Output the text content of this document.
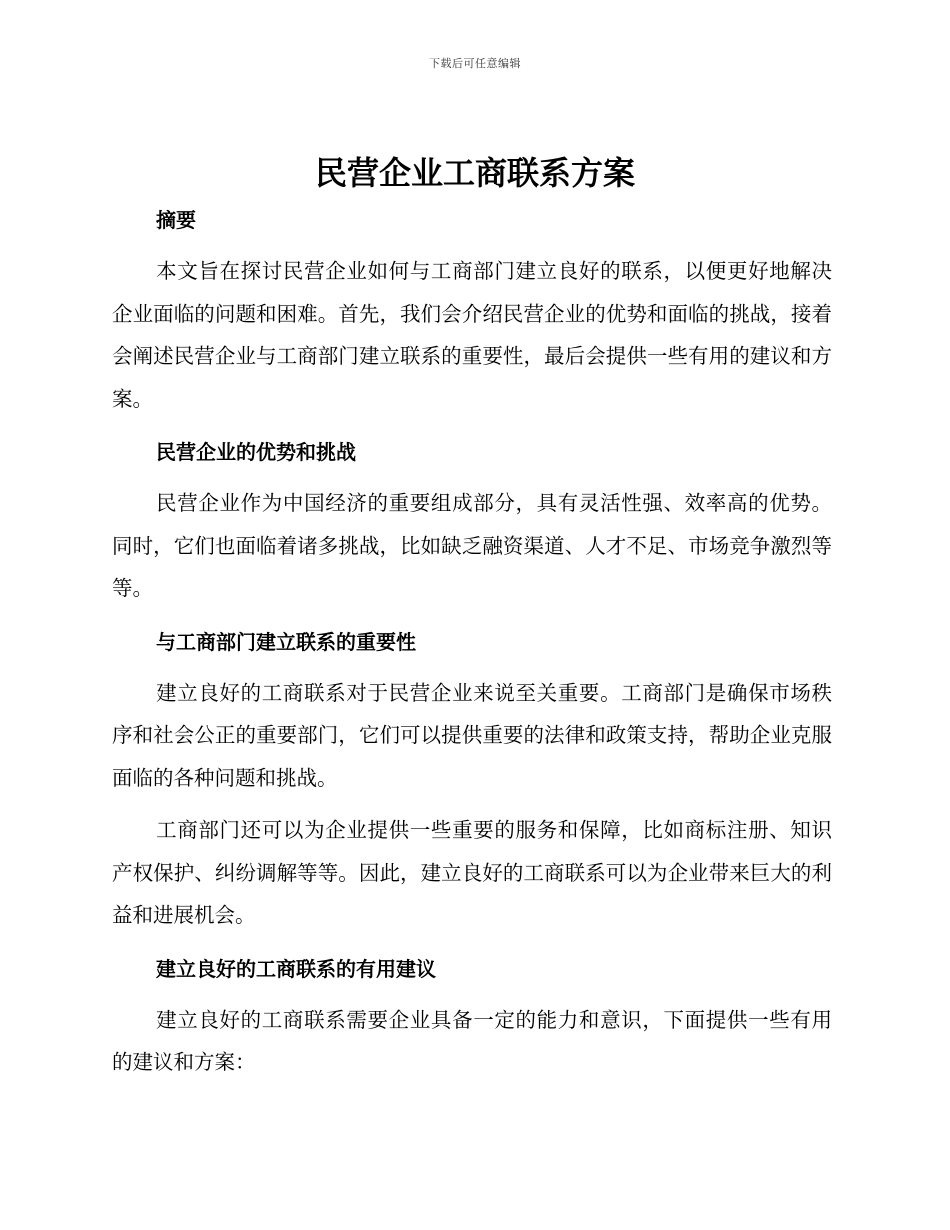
下载后可任意编辑
民营企业工商联系方案
摘要

本文旨在探讨民营企业如何与工商部门建立良好的联系，以便更好地解决企业面临的问题和困难。首先，我们会介绍民营企业的优势和面临的挑战，接着会阐述民营企业与工商部门建立联系的重要性，最后会提供一些有用的建议和方案。

民营企业的优势和挑战

民营企业作为中国经济的重要组成部分，具有灵活性强、效率高的优势。同时，它们也面临着诸多挑战，比如缺乏融资渠道、人才不足、市场竞争激烈等等。

与工商部门建立联系的重要性

建立良好的工商联系对于民营企业来说至关重要。工商部门是确保市场秩序和社会公正的重要部门，它们可以提供重要的法律和政策支持，帮助企业克服面临的各种问题和挑战。

工商部门还可以为企业提供一些重要的服务和保障，比如商标注册、知识产权保护、纠纷调解等等。因此，建立良好的工商联系可以为企业带来巨大的利益和进展机会。

建立良好的工商联系的有用建议

建立良好的工商联系需要企业具备一定的能力和意识，下面提供一些有用的建议和方案：
